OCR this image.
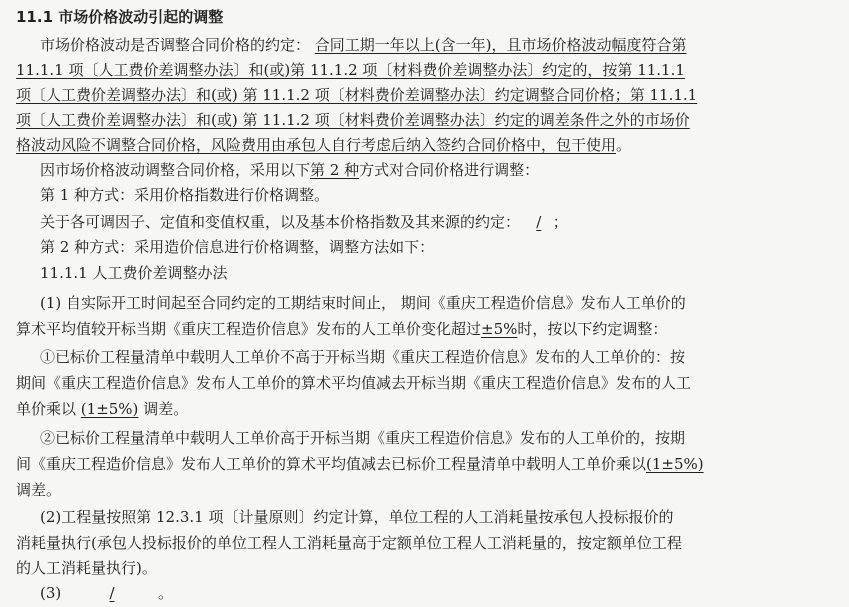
11.1 市场价格波动引起的调整
市场价格波动是否调整合同价格的约定： 合同工期一年以上(含一年)，且市场价格波动幅度符合第
11.1.1 项〔人工费价差调整办法〕和(或)第 11.1.2 项〔材料费价差调整办法〕约定的，按第 11.1.1
项〔人工费价差调整办法〕和(或) 第 11.1.2 项〔材料费价差调整办法〕约定调整合同价格；第 11.1.1
项〔人工费价差调整办法〕和(或) 第 11.1.2 项〔材料费价差调整办法〕约定的调差条件之外的市场价
格波动风险不调整合同价格，风险费用由承包人自行考虑后纳入签约合同价格中，包干使用。
因市场价格波动调整合同价格，采用以下第 2 种方式对合同价格进行调整：
第 1 种方式：采用价格指数进行价格调整。
关于各可调因子、定值和变值权重，以及基本价格指数及其来源的约定： / ；
第 2 种方式：采用造价信息进行价格调整，调整方法如下：
11.1.1 人工费价差调整办法
(1) 自实际开工时间起至合同约定的工期结束时间止， 期间《重庆工程造价信息》发布人工单价的
算术平均值较开标当期《重庆工程造价信息》发布的人工单价变化超过±5%时，按以下约定调整：
①已标价工程量清单中载明人工单价不高于开标当期《重庆工程造价信息》发布的人工单价的：按
期间《重庆工程造价信息》发布人工单价的算术平均值减去开标当期《重庆工程造价信息》发布的人工
单价乘以 (1±5%) 调差。
②已标价工程量清单中载明人工单价高于开标当期《重庆工程造价信息》发布的人工单价的，按期
间《重庆工程造价信息》发布人工单价的算术平均值减去已标价工程量清单中载明人工单价乘以(1±5%)
调差。
(2)工程量按照第 12.3.1 项〔计量原则〕约定计算，单位工程的人工消耗量按承包人投标报价的
消耗量执行(承包人投标报价的单位工程人工消耗量高于定额单位工程人工消耗量的，按定额单位工程
的人工消耗量执行)。
(3)	/	。
